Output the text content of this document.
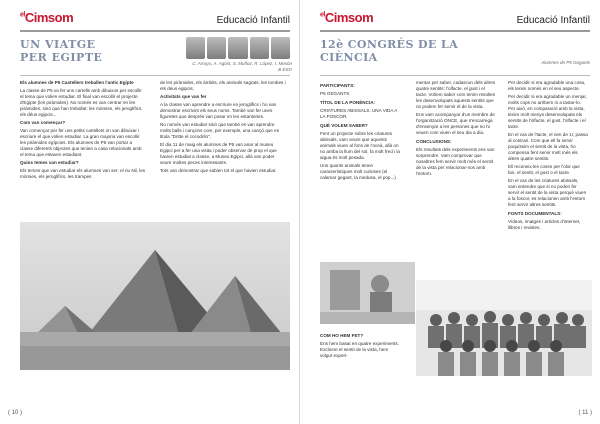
$^{el}$Cimsom	Educació Infantil
UN VIATGE
PER EGIPTE	C. Arroyo, A. Agost, S. Muñoz, R. López, I. Mesón
4t ESO

Els alumnes de P5 Castellers treballen l'antic Egipte

La classe de P5 va fer uns cartells amb dibuixos per escollir el tema que volien estudiar. El final van escollir el projecte d'Egipte (les piràmides). No només es van centrar en les piràmides, sinó que han treballat: les mòmies, els jeroglífics, els déus egipcis...

Com van començar?

Van començar per fer uns petits cartellets on van dibuixar i escriure el que volien estudiar. La gran majoria van escollir les piràmides egípcies. Els alumnes de P5 van portar a classe diferents objectes que tenien a casa relacionats amb el tema que estaven estudiant.

Quins temes van estudiar?

Els temes que van estudiar els alumnes van ser: el riu Nil, les mòmies, els jeroglífics, les trampes

de les piràmides, els àmbits, els animals sagrats, les tombes i els déus egipcis.

Activitats que van fer

A la classe van aprendre a escriure en jeroglífics i ho van demostrar escrivint els seus noms. També van fer unes figuretes que després van posar en les estanteries.

No només van estudiar sinó que també es van aprendre molts balls i cançons com, per exemple, una cançó que es titula "Dritte el cocodrilo".

El dia 11 de maig els alumnes de P5 van anar al museu Egipci per a fer una visita i poder observar de prop el que havien estudiat a classe, a Museu Egipci, allà van poder veure moltes peces interessants.

Tots van demostrar que sabien tot el que havien estudiat.

( 10 )
$^{el}$Cimsom	Educació Infantil
12è CONGRÉS DE LA
CIÈNCIA	Alumnes de P5 Gegants

PARTICIPANTS:

P5 GEGANTS

TÍTOL DE LA PONÈNCIA:

CRIATURES ABISSALS. UNA VIDA A LA FOSCOR.

QUÈ VOLEM SABER?

Fent un projecte sobre les criatures abissals, vam veure que aquests animals viuen al fons de l'oceà, allà on no arriba la llum del sol, fa molt fred i la aigua és molt pesada.

Uns quants animals tenen característiques molt curioses (el calamar gegant, la medusa, el pop...)

COM HO HEM FET?

Ens hem basat en quatre experiments. Excloent el sentit de la vista, hem volgut experi-

mentar per saber, cadascun dels altres quatre sentits: l'olfacte, el gust i el tacte. Volíem saber com tenim resoltes les desenvolupats aquests sentits que no podem fer servir el de la vista.

Ens vam acompanyar d'un membre de l'organització ONCE, que s'encarregà d'ensenyar a les persones que no hi veuen com viuen el seu dia a dia.

CONCLUSIONS:

Els resultats dels experiments ens van sorprendre. Vam comprovar que nosaltres fem servir molt més el sentit de la vista per relacionar-nos amb l'entorn.

Per decidir si era agradable una cosa, els tenim només en el seu aspecte.

Per decidir si era agradable un menjar, molts cops no arribem ni a tastar-lo. Per això, en comparació amb la vista, tenim molt menys desenvolupats els sentits de l'olfacte, el gust, l'olfacte i el tacte.

En el cas de l'tacte, el nen de 1r, passa al contrari. Com que ell fa servir poquíssim el sentit de la vista, ho compensa fent servir molt més els altres quatre sentits.

Ell reconeix les coses per l'olor que fan, el sentit, el gust o el tacte.

En el cas de les criatures abissals, vam entendre que si no poden fer servir el sentit de la vista perquè viuen a la foscor, es relacionen amb l'entorn fent servir altres sentits.

FONTS DOCUMENTALS:

Vídeos, imatges i articles d'internet, llibres i revistes.

( 11 )
